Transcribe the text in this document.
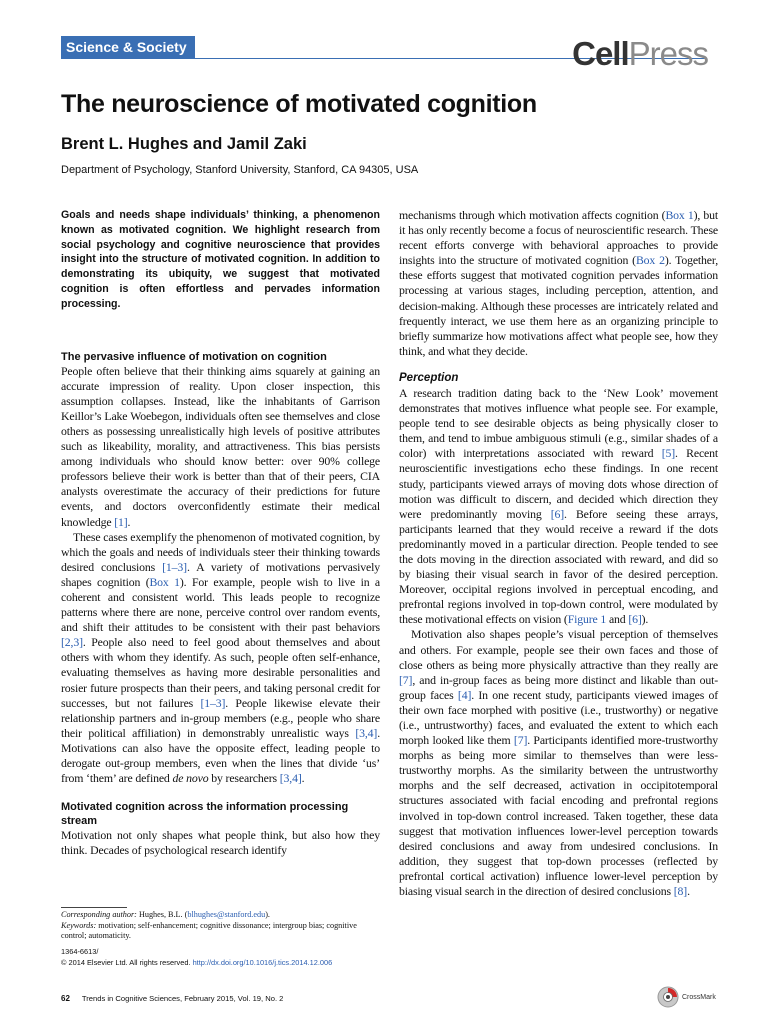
Science & Society	CellPress
The neuroscience of motivated cognition

Brent L. Hughes and Jamil Zaki

Department of Psychology, Stanford University, Stanford, CA 94305, USA

Goals and needs shape individuals’ thinking, a phenomenon known as motivated cognition. We highlight research from social psychology and cognitive neuroscience that provides insight into the structure of motivated cognition. In addition to demonstrating its ubiquity, we suggest that motivated cognition is often effortless and pervades information processing.

The pervasive influence of motivation on cognition

People often believe that their thinking aims squarely at gaining an accurate impression of reality. Upon closer inspection, this assumption collapses. Instead, like the inhabitants of Garrison Keillor’s Lake Woebegon, individuals often see themselves and close others as possessing unrealistically high levels of positive attributes such as likeability, morality, and attractiveness. This bias persists among individuals who should know better: over 90% college professors believe their work is better than that of their peers, CIA analysts overestimate the accuracy of their predictions for future events, and doctors overconfidently estimate their medical knowledge [1].

These cases exemplify the phenomenon of motivated cognition, by which the goals and needs of individuals steer their thinking towards desired conclusions [1–3]. A variety of motivations pervasively shapes cognition (Box 1). For example, people wish to live in a coherent and consistent world. This leads people to recognize patterns where there are none, perceive control over random events, and shift their attitudes to be consistent with their past behaviors [2,3]. People also need to feel good about themselves and about others with whom they identify. As such, people often self-enhance, evaluating themselves as having more desirable personalities and rosier future prospects than their peers, and taking personal credit for successes, but not failures [1–3]. People likewise elevate their relationship partners and in-group members (e.g., people who share their political affiliation) in demonstrably unrealistic ways [3,4]. Motivations can also have the opposite effect, leading people to derogate out-group members, even when the lines that divide ‘us’ from ‘them’ are defined de novo by researchers [3,4].

Motivated cognition across the information processing stream

Motivation not only shapes what people think, but also how they think. Decades of psychological research identify

mechanisms through which motivation affects cognition (Box 1), but it has only recently become a focus of neuroscientific research. These recent efforts converge with behavioral approaches to provide insights into the structure of motivated cognition (Box 2). Together, these efforts suggest that motivated cognition pervades information processing at various stages, including perception, attention, and decision-making. Although these processes are intricately related and frequently interact, we use them here as an organizing principle to briefly summarize how motivations affect what people see, how they think, and what they decide.

Perception

A research tradition dating back to the ‘New Look’ movement demonstrates that motives influence what people see. For example, people tend to see desirable objects as being physically closer to them, and tend to imbue ambiguous stimuli (e.g., similar shades of a color) with interpretations associated with reward [5]. Recent neuroscientific investigations echo these findings. In one recent study, participants viewed arrays of moving dots whose direction of motion was difficult to discern, and decided which direction they were predominantly moving [6]. Before seeing these arrays, participants learned that they would receive a reward if the dots predominantly moved in a particular direction. People tended to see the dots moving in the direction associated with reward, and did so by biasing their visual search in favor of the desired perception. Moreover, occipital regions involved in perceptual encoding, and prefrontal regions involved in top-down control, were modulated by these motivational effects on vision (Figure 1 and [6]).

Motivation also shapes people’s visual perception of themselves and others. For example, people see their own faces and those of close others as being more physically attractive than they really are [7], and in-group faces as being more distinct and likable than out-group faces [4]. In one recent study, participants viewed images of their own face morphed with positive (i.e., trustworthy) or negative (i.e., untrustworthy) faces, and evaluated the extent to which each morph looked like them [7]. Participants identified more-trustworthy morphs as being more similar to themselves than were less-trustworthy morphs. As the similarity between the untrustworthy morphs and the self decreased, activation in occipitotemporal structures associated with facial encoding and prefrontal regions involved in top-down control increased. Taken together, these data suggest that motivation influences lower-level perception towards desired conclusions and away from undesired conclusions. In addition, they suggest that top-down processes (reflected by prefrontal cortical activation) influence lower-level perception by biasing visual search in the direction of desired conclusions [8].

Corresponding author: Hughes, B.L. (blhughes@stanford.edu).

Keywords: motivation; self-enhancement; cognitive dissonance; intergroup bias; cognitive control; automaticity.

1364-6613/

© 2014 Elsevier Ltd. All rights reserved. http://dx.doi.org/10.1016/j.tics.2014.12.006

62 Trends in Cognitive Sciences, February 2015, Vol. 19, No. 2	CrossMark
